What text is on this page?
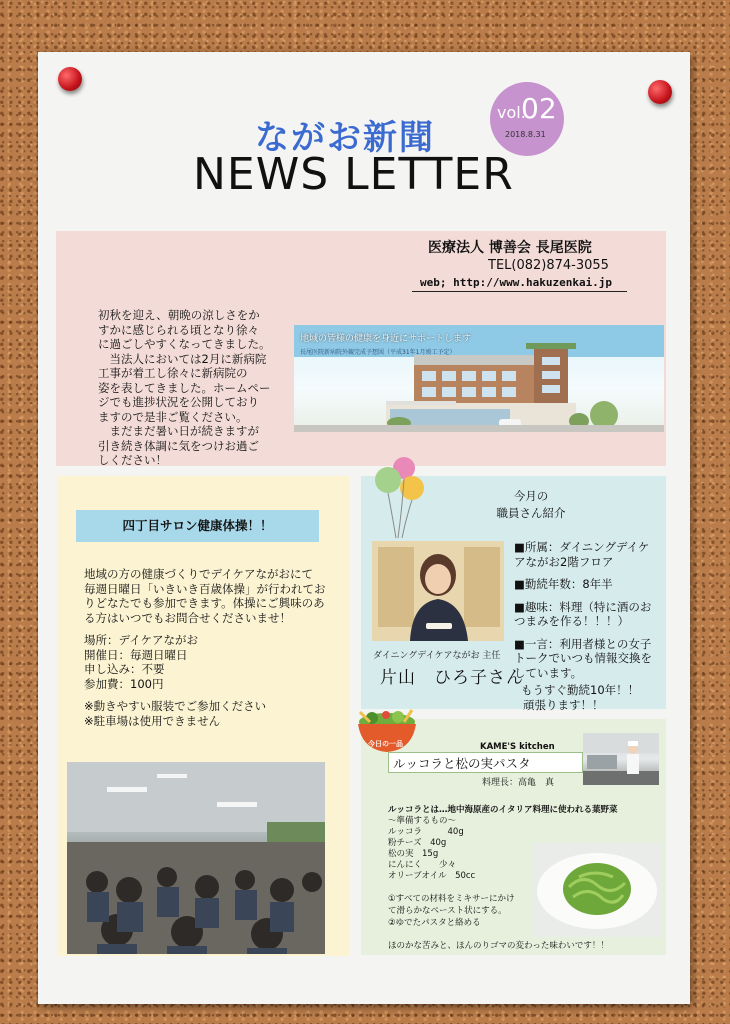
vol.
02
2018.8.31
ながお新聞
NEWS LETTER
医療法人 博善会 長尾医院
TEL(082)874-3055
web; http://www.hakuzenkai.jp
初秋を迎え、朝晩の涼しさをか
すかに感じられる頃となり徐々
に過ごしやすくなってきました。
　当法人においては2月に新病院
工事が着工し徐々に新病院の
姿を表してきました。ホームペー
ジでも進捗状況を公開しており
ますので是非ご覧ください。
　まだまだ暑い日が続きますが
引き続き体調に気をつけお過ご
しください！
地域の皆様の健康を身近にサポートします
長尾医院新病院外観完成予想図（平成31年1月竣工予定）
四丁目サロン健康体操！！
地域の方の健康づくりでデイケアながおにて
毎週日曜日「いきいき百歳体操」が行われてお
りどなたでも参加できます。体操にご興味のあ
る方はいつでもお問合せくださいませ！
場所：デイケアながお
開催日：毎週日曜日
申し込み：不要
参加費：100円
※動きやすい服装でご参加ください
※駐車場は使用できません
今月の
職員さん紹介

■所属：ダイニングデイケアながお2階フロア

■勤続年数：8年半

■趣味：料理（特に酒のおつまみを作る！！！）

■一言：利用者様との女子トークでいつも情報交換をしています。

ダイニングデイケアながお 主任
片山　ひろ子さん
もうすぐ勤続10年！！
頑張ります！！
今日の一品	KAME'S kitchen
ルッコラと松の実パスタ
料理長：高亀　真
ルッコラとは…地中海原産のイタリア料理に使われる葉野菜
～準備するもの～
ルッコラ　　　40g
粉チーズ　40g
松の実　15g
にんにく　　少々
オリーブオイル　50cc
①すべての材料をミキサーにかけ
て滑らかなペースト状にする。
②ゆでたパスタと絡める
ほのかな苦みと、ほんのりゴマの変わった味わいです！！
